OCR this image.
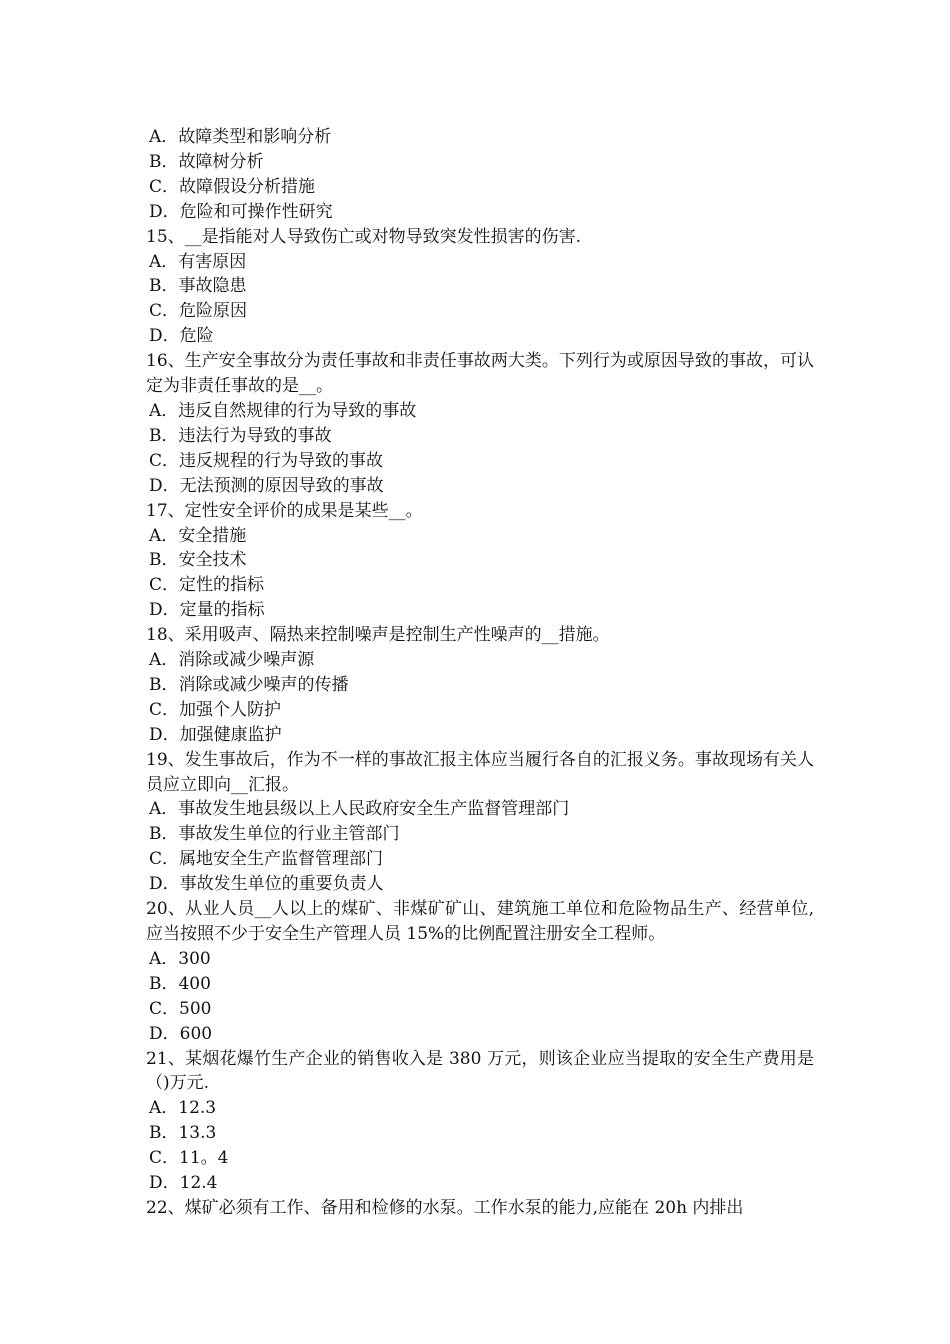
A．故障类型和影响分析

B．故障树分析

C．故障假设分析措施

D．危险和可操作性研究

15、__是指能对人导致伤亡或对物导致突发性损害的伤害.

A．有害原因

B．事故隐患

C．危险原因

D．危险

16、生产安全事故分为责任事故和非责任事故两大类。下列行为或原因导致的事故，可认定为非责任事故的是__。

A．违反自然规律的行为导致的事故

B．违法行为导致的事故

C．违反规程的行为导致的事故

D．无法预测的原因导致的事故

17、定性安全评价的成果是某些__。

A．安全措施

B．安全技术

C．定性的指标

D．定量的指标

18、采用吸声、隔热来控制噪声是控制生产性噪声的__措施。

A．消除或减少噪声源

B．消除或减少噪声的传播

C．加强个人防护

D．加强健康监护

19、发生事故后，作为不一样的事故汇报主体应当履行各自的汇报义务。事故现场有关人员应立即向__汇报。

A．事故发生地县级以上人民政府安全生产监督管理部门

B．事故发生单位的行业主管部门

C．属地安全生产监督管理部门

D．事故发生单位的重要负责人

20、从业人员__人以上的煤矿、非煤矿矿山、建筑施工单位和危险物品生产、经营单位,应当按照不少于安全生产管理人员 15%的比例配置注册安全工程师。

A．300

B．400

C．500

D．600

21、某烟花爆竹生产企业的销售收入是 380 万元，则该企业应当提取的安全生产费用是（)万元.

A．12.3

B．13.3

C．11。4

D．12.4

22、煤矿必须有工作、备用和检修的水泵。工作水泵的能力,应能在 20h 内排出
